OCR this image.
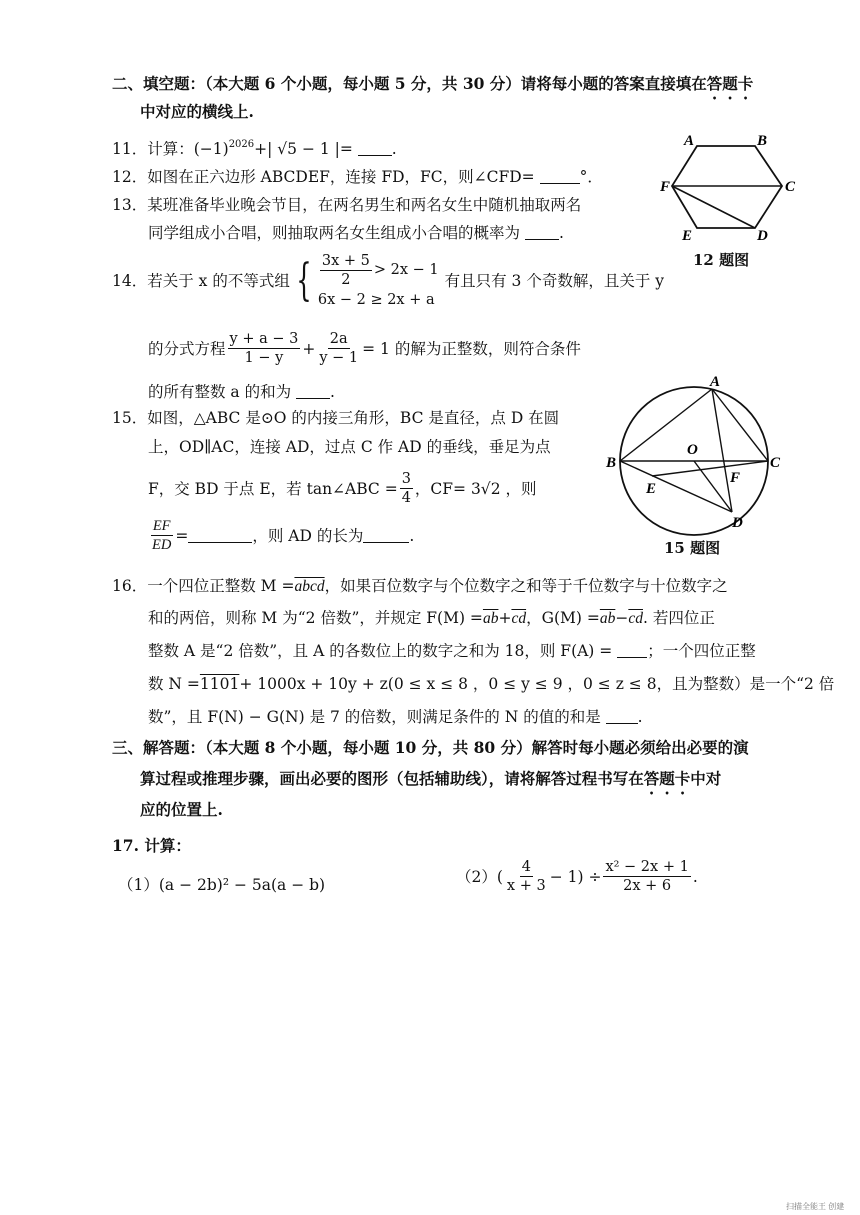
二、填空题：（本大题 6 个小题，每小题 5 分，共 30 分）请将每小题的答案直接填在答题卡
中对应的横线上.
11．计算：$(-1)^{2026}+|$ √5 − 1 |= .
12．如图在正六边形 ABCDEF，连接 FD，FC，则∠CFD=	°．
13．某班准备毕业晚会节目，在两名男生和两名女生中随机抽取两名
同学组成小合唱，则抽取两名女生组成小合唱的概率为 .
14． 若关于 x 的不等式组 { $\frac{3x + 5}{2} > 2x - 1$
6x − 2 ≥ 2x + a
有且只有 3 个奇数解，且关于 y
的分式方程 $\frac{y + a - 3}{1 - y} + \frac{2a}{y - 1} = 1$ 的解为正整数，则符合条件
的所有整数 a 的和为 .
15．如图，△ABC 是⊙O 的内接三角形，BC 是直径，点 D 在圆
上，OD∥AC，连接 AD，过点 C 作 AD 的垂线，垂足为点
F，交 BD 于点 E，若 tan∠ABC = $\frac{3}{4}$ ，CF= 3√2 ，则
$\frac{EF}{ED}$ =	，则 AD 的长为	.
16．一个四位正整数 M =abcd，如果百位数字与个位数字之和等于千位数字与十位数字之
和的两倍，则称 M 为“2 倍数”，并规定 $F(M) =\overline{ab}+\overline{cd}$，$G(M) =\overline{ab}-\overline{cd}$. 若四位正
整数 A 是“2 倍数”，且 A 的各数位上的数字之和为 18，则 F(A) = ；一个四位正整
数 N =1101+ 1000x + 10y + z(0 ≤ x ≤ 8 ，0 ≤ y ≤ 9 ，0 ≤ z ≤ 8，且为整数）是一个“2 倍
数”，且 F(N) − G(N) 是 7 的倍数，则满足条件的 N 的值的和是 .
三、解答题：（本大题 8 个小题，每小题 10 分，共 80 分）解答时每小题必须给出必要的演
算过程或推理步骤，画出必要的图形（包括辅助线），请将解答过程书写在答题卡中对
应的位置上.
17. 计算：
（1）(a − 2b)² − 5a(a − b)	$(2)( \frac{4}{x + 3} - 1) \div \frac{\text{x² − 2x + 1}}{2x + 6}$ .
A	B
C
D
E
F
12 题图
A
B	C
D
E
F
O
15 题图
扫描全能王 创建
